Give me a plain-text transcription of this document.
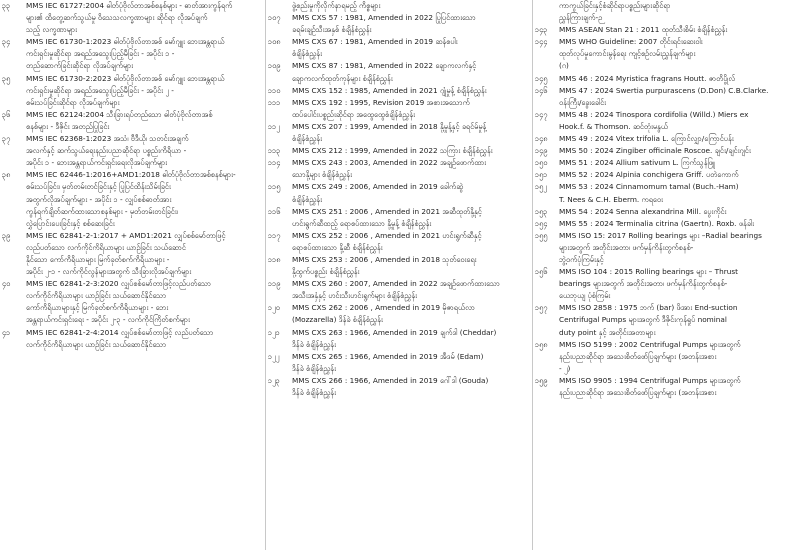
၃၃	MMS IEC 61727:2004 ဓါတ်ပုံဗိုလ်တာအစ်စနစ်များ - ဓာတ်အားကွန်ရက်
များ၏ ထိတွေ့ဆက်သွယ်မှု ဝိသေသလက္ခဏာများ ဆိုင်ရာ လိုအပ်ချက်
သည့် လက္ခဏာများ
၃၄	MMS IEC 61730-1:2023 ဓါတ်ပုံဗိုလ်တာအစ် မော်ဂျူး ဘေးအန္တရာယ်
ကင်းရှင်းမှုဆိုင်ရာ အရည်အသွေးပြည့်မီခြင်း - အပိုင်း ၁ -
တည်ဆောက်ခြင်းဆိုင်ရာ လိုအပ်ချက်များ
၃၅	MMS IEC 61730-2:2023 ဓါတ်ပုံဗိုလ်တာအစ် မော်ဂျူး ဘေးအန္တရာယ်
ကင်းရှင်းမှုဆိုင်ရာ အရည်အသွေးပြည့်မီခြင်း - အပိုင်း ၂ -
စမ်းသပ်ခြင်းဆိုင်ရာ လိုအပ်ချက်များ
၃၆	MMS IEC 62124:2004 သီးခြားရပ်တည်သော ဓါတ်ပုံဗိုလ်တာအစ်
စနစ်များ - ဒီဇိုင်း အတည်ပြုခြင်း
၃၇	MMS IEC 62368-1:2023 အသံ၊ ဗီဒီယို၊ သတင်းအချက်
အလက်နှင့် ဆက်သွယ်ရေးနည်းပညာဆိုင်ရာ ပစ္စည်းကိရိယာ -
အပိုင်း ၁ - ဘေးအန္တရာယ်ကင်းရှင်းရေးလိုအပ်ချက်များ
၃၈	MMS IEC 62446-1:2016+AMD1:2018 ဓါတ်ပုံဗိုလ်တာအစ်စနစ်များ-
စမ်းသပ်ခြင်း၊ မှတ်တမ်းတင်ခြင်းနှင့် ပြုပြင်ထိန်းသိမ်းခြင်း
အတွက်လိုအပ်ချက်များ - အပိုင်း ၁ - လျှပ်စစ်ဓာတ်အား
ကွန်ရက်ချိတ်ဆက်ထားသောစနစ်များ - မှတ်တမ်းတင်ခြင်း၊
လွှဲပြောင်းပေးခြင်းနှင့် စစ်ဆေးခြင်း
၃၉	MMS IEC 62841-2-1:2017 + AMD1:2021 လျှပ်စစ်မော်တာဖြင့်
လည်ပတ်သော လက်ကိုင်ကိရိယာများ ယာဉ်ခြင်း သယ်ဆောင်
နိုင်သော ကော်ကိရိယာများ မြက်ခုတ်စက်ကိရိယာများ -
အပိုင်း ၂-၁ - လက်ကိုင်လွန်များအတွက် သီးခြားလိုအပ်ချက်များ
၄၀	MMS IEC 62841-2-3:2020 လျှပ်စစ်မော်တာဖြင့်လည်ပတ်သော
လက်ကိုင်ကိရိယာများ ယာဉ်ခြင်း သယ်ဆောင်နိုင်သော
ကော်ကိရိယာများနှင့် မြက်ခုတ်စက်ကိရိယာများ - ဘေး
အန္တရာယ်ကင်းရှင်းရေး - အပိုင်း ၂-၃ - လက်ကိုင်ကြိတ်စက်များ
၄၁	MMS IEC 62841-2-4:2014 လျှပ်စစ်မော်တာဖြင့် လည်ပတ်သော
လက်ကိုင်ကိရိယာများ ယာဉ်ခြင်း သယ်ဆောင်နိုင်သော
ဖွဲ့စည်းမှုကိုလိုက်နာရမည့် ကိစ္စများ
၁၀၇	MMS CXS 57 : 1981, Amended in 2022 ပြုပြင်ထားသော
ခရမ်းချဉ်သီးအနှစ် စံချိန်စံညွှန်း
၁၀၈	MMS CXS 67 : 1981, Amended in 2019 ဆန်စပါး
စံချိန်စံညွှန်း
၁၀၉	MMS CXS 87 : 1981, Amended in 2022 ချောကလက်နှင့်
ချောကလက်ထုတ်ကုန်များ စံချိန်စံညွှန်း
၁၁၀	MMS CXS 152 : 1985, Amended in 2021 ဂျုံမှုန့် စံချိန်စံညွှန်း
၁၁၁	MMS CXS 192 : 1995, Revision 2019 အစားအသောက်
ထပ်ပေါင်းပစ္စည်းဆိုင်ရာ အထွေထွေစံချိန်စံညွှန်း
၁၁၂	MMS CXS 207 : 1999, Amended in 2018 နို့မှုန့်နှင့် ခရင်မ်မှုန့်
စံချိန်စံညွှန်း
၁၁၃	MMS CXS 212 : 1999, Amended in 2022 သကြား စံချိန်စံညွှန်း
၁၁၄	MMS CXS 243 : 2003, Amended in 2022 အချဉ်ဖောက်ထား
သောနို့များ စံချိန်စံညွှန်း
၁၁၅	MMS CXS 249 : 2006, Amended in 2019 ခေါက်ဆွဲ
စံချိန်စံညွှန်း
၁၁၆	MMS CXS 251 : 2006 , Amended in 2021 အဆီထုတ်နို့နှင့်
ဟင်းရွက်ဆီထည့် ရောစပ်ထားသော နို့မှုန့် စံချိန်စံညွှန်း
၁၁၇	MMS CXS 252 : 2006 , Amended in 2021 ဟင်းရွက်ဆီနှင့်
ရောစပ်ထားသော နို့ဆီ စံချိန်စံညွှန်း
၁၁၈	MMS CXS 253 : 2006 , Amended in 2018 သုတ်ဝေးရေး
နို့ထွက်ပစ္စည်း စံချိန်စံညွှန်း
၁၁၉	MMS CXS 260 : 2007, Amended in 2022 အချဉ်ဖောက်ထားသော
အသီးအနှံနှင့် ဟင်းသီးဟင်းရွက်များ စံချိန်စံညွှန်း
၁၂၀	MMS CXS 262 : 2006 , Amended in 2019 မိုဇာရယ်လာ
(Mozzarella) ဒိန်ခဲ စံချိန်စံညွှန်း
၁၂၁	MMS CXS 263 : 1966, Amended in 2019 ချက်ဒါ (Cheddar)
ဒိန်ခဲ စံချိန်စံညွှန်း
၁၂၂	MMS CXS 265 : 1966, Amended in 2019 အီဒမ် (Edam)
ဒိန်ခဲ စံချိန်စံညွှန်း
၁၂၃	MMS CXS 266 : 1966, Amended in 2019 ဂေါ်ဒါ (Gouda)
ဒိန်ခဲ စံချိန်စံညွှန်း
ကာကွယ်ခြင်းနှင့်စံဆိုင်ရာပစ္စည်းများဆိုင်ရာ
ညွှန်ကြားချက်-ဉ
၁၄၃	MMS ASEAN Stan 21 : 2011 ထုတ်သီးစိမ်း စံချိန်စံညွှန်း
၁၄၄	MMS WHO Guideline: 2007 တိုင်းရင်းဆေးဝါး
ထုတ်လုပ်မှုကောင်းမွန်ရေး ကျင့်စဉ်လမ်းညွှန်ချက်များ
(ဂ)
၁၄၅	MMS 46 : 2024 Myristica fragrans Houtt. ဇာတိပ္ဖိုလ်
၁၄၆	MMS 47 : 2024 Swertia purpurascens (D.Don) C.B.Clarke.
ဝန်းကြီး/ခွေးခေါင်း
၁၄၇	MMS 48 : 2024 Tinospora cordifolia (Willd.) Miers ex
Hook.f. & Thomson. ဆင်တုံးမနွယ်
၁၄၈	MMS 49 : 2024 Vitex trifolia L. ကြောင်လျှာ/ကြောင်ပန်း
၁၄၉	MMS 50 : 2024 Zingiber officinale Roscoe. ချင်း/ချင်းဂျင်း
၁၅၀	MMS 51 : 2024 Allium sativum L. ကြက်သွန်ဖြူ
၁၅၁	MMS 52 : 2024 Alpinia conchigera Griff. ပတဲကောက်
၁၅၂	MMS 53 : 2024 Cinnamomum tamal (Buch.-Ham)
T. Nees & C.H. Eberm. ကရဝေး
၁၅၃	MMS 54 : 2024 Senna alexandrina Mill. ပွေးကိုင်း
၁၅၄	MMS 55 : 2024 Terminalia citrina (Gaertn). Roxb. ဖန်ခါး
၁၅၅	MMS ISO 15: 2017 Rolling bearings များ –Radial bearings
များအတွက် အတိုင်းအတာ၊ ဖက်မှန်ကိန်းတွက်စနစ်-
ဘွဲ့ဝက်ပုံကြမ်းနှင့်
၁၅၆	MMS ISO 104 : 2015 Rolling bearings များ – Thrust
bearings များအတွက် အတိုင်းအတာ၊ ဖက်မှန်ကိန်းတွက်စနစ်-
ယေဘုယျ ပုံစံကြမ်း
၁၅၇	MMS ISO 2858 : 1975 ဘက် (bar) ဖိအား End-suction
Centrifugal Pumps များအတွက် ဒီဇိုင်းကုန်ရှုပ် nominal
duty point နှင့် အတိုင်းအတာများ
၁၅၈	MMS ISO 5199 : 2002 Centrifugal Pumps များအတွက်
နည်းပညာဆိုင်ရာ အသေးစိတ်ဖော်ပြချက်များ (အတန်းအစား
- ၂)
၁၅၉	MMS ISO 9905 : 1994 Centrifugal Pumps များအတွက်
နည်းပညာဆိုင်ရာ အသေးစိတ်ဖော်ပြချက်များ (အတန်းအစား
